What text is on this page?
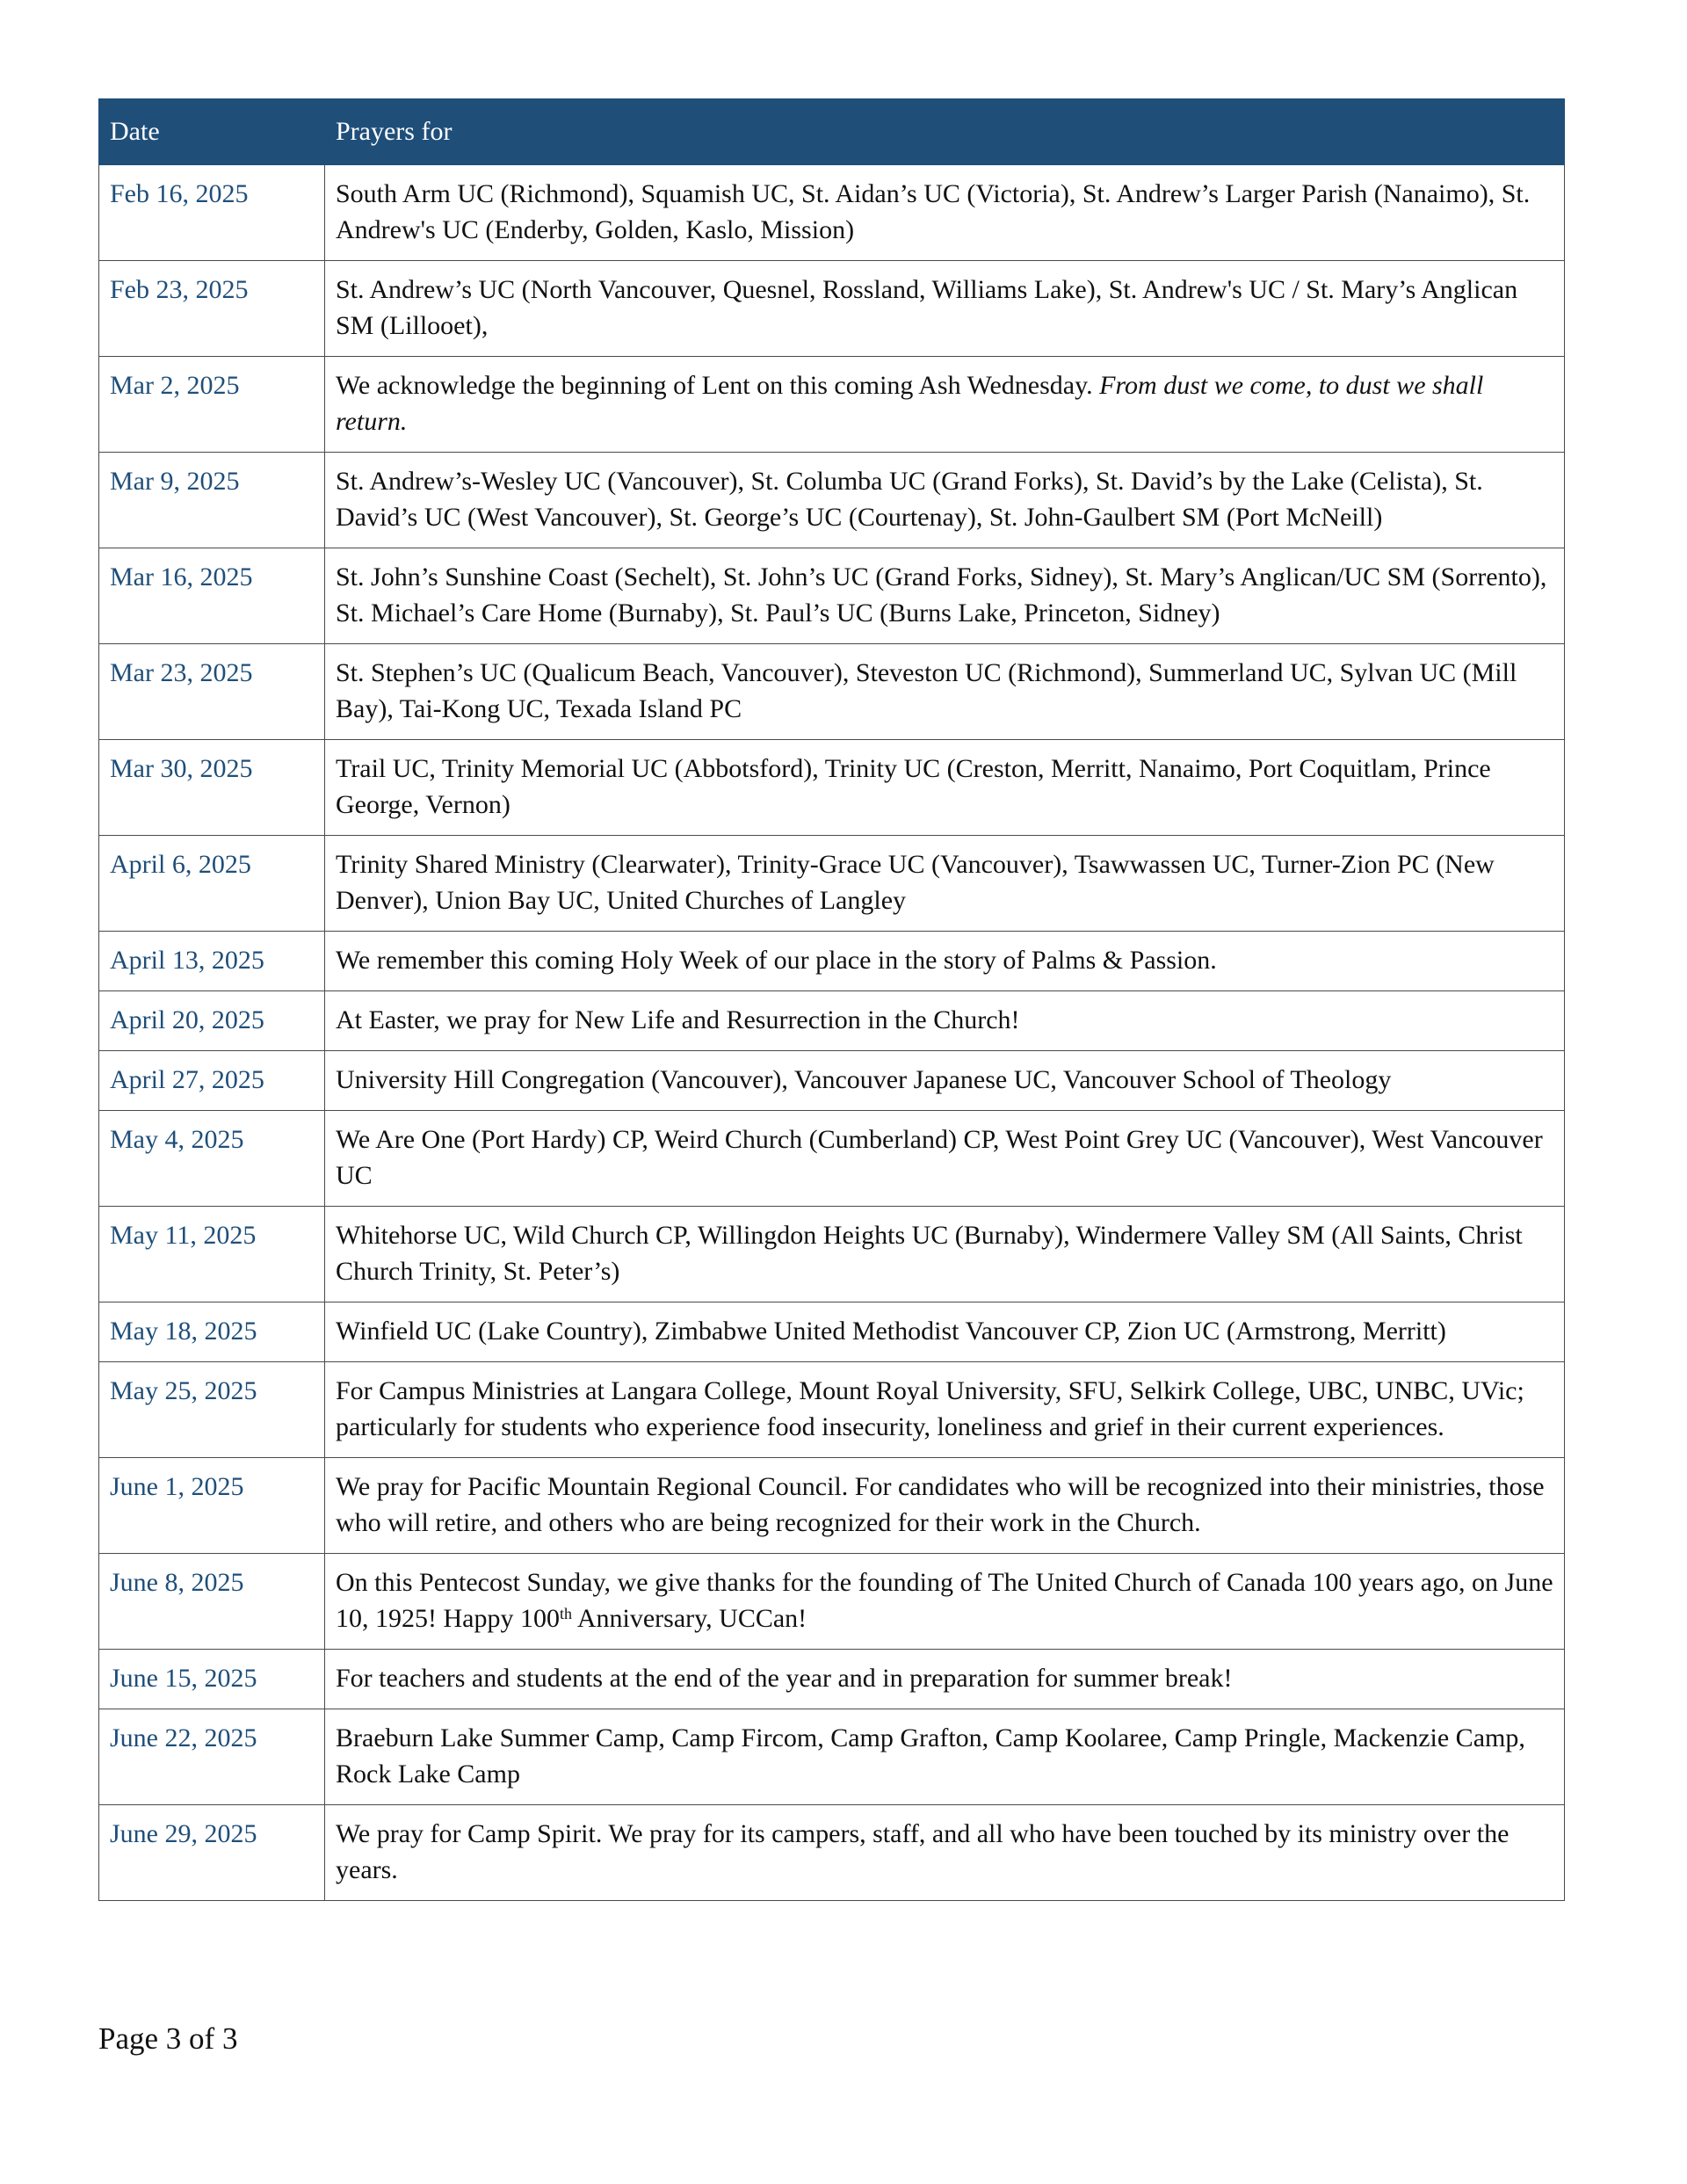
Date	Prayers for
Feb 16, 2025	South Arm UC (Richmond), Squamish UC, St. Aidan’s UC (Victoria), St. Andrew’s Larger Parish (Nanaimo), St. Andrew's UC (Enderby, Golden, Kaslo, Mission)
Feb 23, 2025	St. Andrew’s UC (North Vancouver, Quesnel, Rossland, Williams Lake), St. Andrew's UC / St. Mary’s Anglican SM (Lillooet),
Mar 2, 2025	We acknowledge the beginning of Lent on this coming Ash Wednesday. From dust we come, to dust we shall return.
Mar 9, 2025	St. Andrew’s-Wesley UC (Vancouver), St. Columba UC (Grand Forks), St. David’s by the Lake (Celista), St. David’s UC (West Vancouver), St. George’s UC (Courtenay), St. John-Gaulbert SM (Port McNeill)
Mar 16, 2025	St. John’s Sunshine Coast (Sechelt), St. John’s UC (Grand Forks, Sidney), St. Mary’s Anglican/UC SM (Sorrento), St. Michael’s Care Home (Burnaby), St. Paul’s UC (Burns Lake, Princeton, Sidney)
Mar 23, 2025	St. Stephen’s UC (Qualicum Beach, Vancouver), Steveston UC (Richmond), Summerland UC, Sylvan UC (Mill Bay), Tai-Kong UC, Texada Island PC
Mar 30, 2025	Trail UC, Trinity Memorial UC (Abbotsford), Trinity UC (Creston, Merritt, Nanaimo, Port Coquitlam, Prince George, Vernon)
April 6, 2025	Trinity Shared Ministry (Clearwater), Trinity-Grace UC (Vancouver), Tsawwassen UC, Turner-Zion PC (New Denver), Union Bay UC, United Churches of Langley
April 13, 2025	We remember this coming Holy Week of our place in the story of Palms & Passion.
April 20, 2025	At Easter, we pray for New Life and Resurrection in the Church!
April 27, 2025	University Hill Congregation (Vancouver), Vancouver Japanese UC, Vancouver School of Theology
May 4, 2025	We Are One (Port Hardy) CP, Weird Church (Cumberland) CP, West Point Grey UC (Vancouver), West Vancouver UC
May 11, 2025	Whitehorse UC, Wild Church CP, Willingdon Heights UC (Burnaby), Windermere Valley SM (All Saints, Christ Church Trinity, St. Peter’s)
May 18, 2025	Winfield UC (Lake Country), Zimbabwe United Methodist Vancouver CP, Zion UC (Armstrong, Merritt)
May 25, 2025	For Campus Ministries at Langara College, Mount Royal University, SFU, Selkirk College, UBC, UNBC, UVic; particularly for students who experience food insecurity, loneliness and grief in their current experiences.
June 1, 2025	We pray for Pacific Mountain Regional Council. For candidates who will be recognized into their ministries, those who will retire, and others who are being recognized for their work in the Church.
June 8, 2025	On this Pentecost Sunday, we give thanks for the founding of The United Church of Canada 100 years ago, on June 10, 1925! Happy 100th Anniversary, UCCan!
June 15, 2025	For teachers and students at the end of the year and in preparation for summer break!
June 22, 2025	Braeburn Lake Summer Camp, Camp Fircom, Camp Grafton, Camp Koolaree, Camp Pringle, Mackenzie Camp, Rock Lake Camp
June 29, 2025	We pray for Camp Spirit. We pray for its campers, staff, and all who have been touched by its ministry over the years.
Page 3 of 3
